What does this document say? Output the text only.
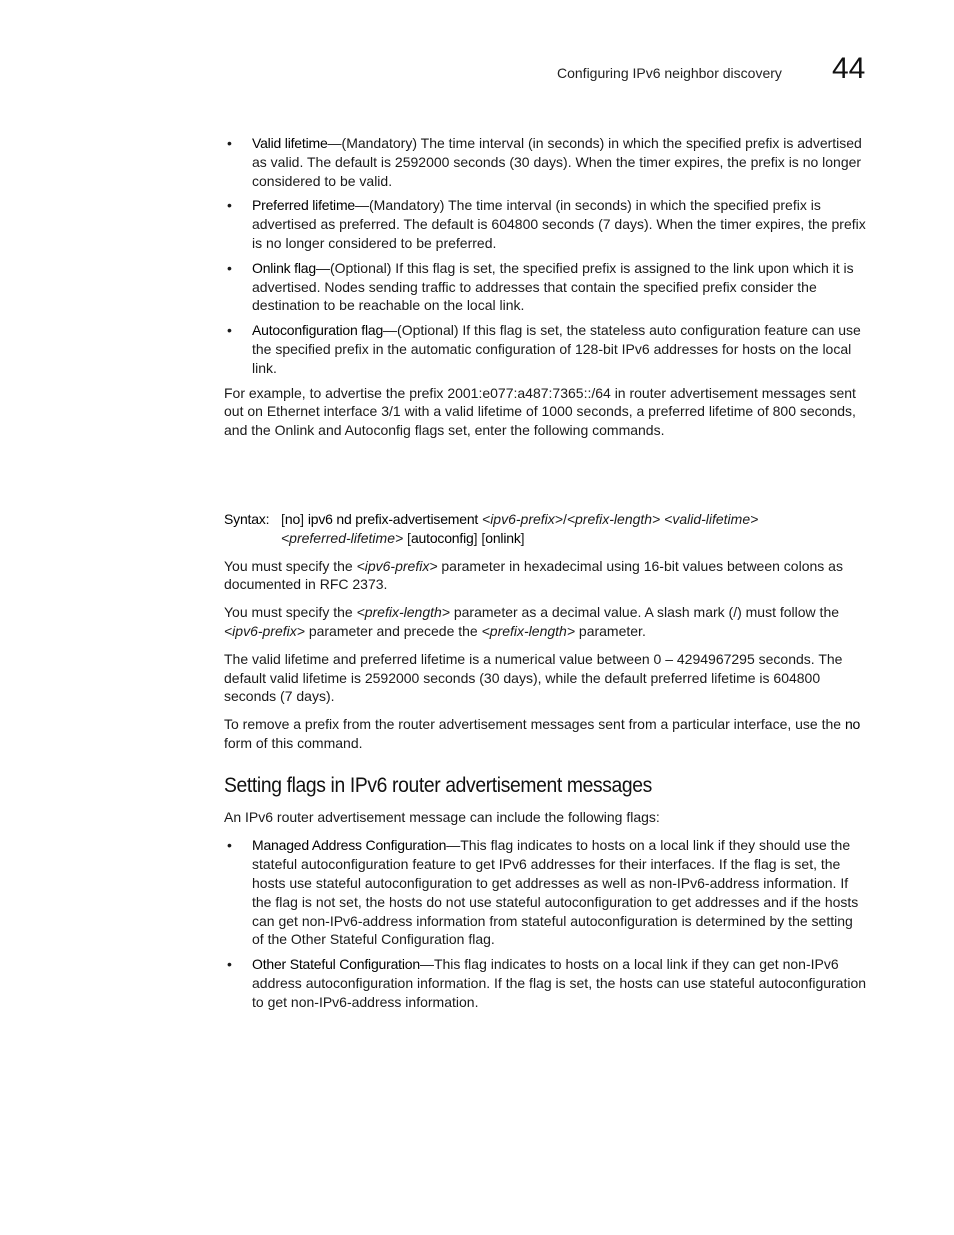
Configuring IPv6 neighbor discovery 44
• Valid lifetime—(Mandatory) The time interval (in seconds) in which the specified prefix is advertised as valid. The default is 2592000 seconds (30 days). When the timer expires, the prefix is no longer considered to be valid.
• Preferred lifetime—(Mandatory) The time interval (in seconds) in which the specified prefix is advertised as preferred. The default is 604800 seconds (7 days). When the timer expires, the prefix is no longer considered to be preferred.
• Onlink flag—(Optional) If this flag is set, the specified prefix is assigned to the link upon which it is advertised. Nodes sending traffic to addresses that contain the specified prefix consider the destination to be reachable on the local link.
• Autoconfiguration flag—(Optional) If this flag is set, the stateless auto configuration feature can use the specified prefix in the automatic configuration of 128-bit IPv6 addresses for hosts on the local link.

For example, to advertise the prefix 2001:e077:a487:7365::/64 in router advertisement messages sent out on Ethernet interface 3/1 with a valid lifetime of 1000 seconds, a preferred lifetime of 800 seconds, and the Onlink and Autoconfig flags set, enter the following commands.

Syntax: [no] ipv6 nd prefix-advertisement <ipv6-prefix>/<prefix-length> <valid-lifetime>
<preferred-lifetime> [autoconfig] [onlink]

You must specify the <ipv6-prefix> parameter in hexadecimal using 16-bit values between colons as documented in RFC 2373.

You must specify the <prefix-length> parameter as a decimal value. A slash mark (/) must follow the <ipv6-prefix> parameter and precede the <prefix-length> parameter.

The valid lifetime and preferred lifetime is a numerical value between 0 – 4294967295 seconds. The default valid lifetime is 2592000 seconds (30 days), while the default preferred lifetime is 604800 seconds (7 days).

To remove a prefix from the router advertisement messages sent from a particular interface, use the no form of this command.

Setting flags in IPv6 router advertisement messages

An IPv6 router advertisement message can include the following flags:

• Managed Address Configuration—This flag indicates to hosts on a local link if they should use the stateful autoconfiguration feature to get IPv6 addresses for their interfaces. If the flag is set, the hosts use stateful autoconfiguration to get addresses as well as non-IPv6-address information. If the flag is not set, the hosts do not use stateful autoconfiguration to get addresses and if the hosts can get non-IPv6-address information from stateful autoconfiguration is determined by the setting of the Other Stateful Configuration flag.
• Other Stateful Configuration—This flag indicates to hosts on a local link if they can get non-IPv6 address autoconfiguration information. If the flag is set, the hosts can use stateful autoconfiguration to get non-IPv6-address information.
